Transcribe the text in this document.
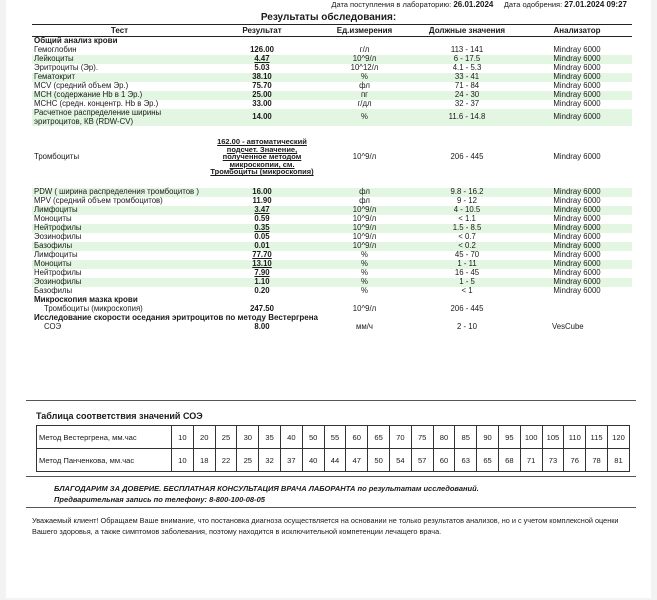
Дата поступления в лабораторию: 26.01.2024 Дата одобрения: 27.01.2024 09:27
Результаты обследования:
Тест	Результат	Ед.измерения	Должные значения	Анализатор
Общий анализ крови				
Гемоглобин	126.00	г/л	113 - 141	Mindray 6000
Лейкоциты	4.47	10^9/л	6 - 17.5	Mindray 6000
Эритроциты (Эр).	5.03	10^12/л	4.1 - 5.3	Mindray 6000
Гематокрит	38.10	%	33 - 41	Mindray 6000
MCV (средний объем Эр.)	75.70	фл	71 - 84	Mindray 6000
MCH (содержание Hb в 1 Эр.)	25.00	пг	24 - 30	Mindray 6000
MCHC (средн. концентр. Hb в Эр.)	33.00	г/дл	32 - 37	Mindray 6000
Расчетное распределение ширины эритроцитов, КВ (RDW-CV)	14.00	%	11.6 - 14.8	Mindray 6000
Тромбоциты	162.00 - автоматический подсчет. Значение, полученное методом микроскопии, см. Тромбоциты (микроскопия)	10^9/л	206 - 445	Mindray 6000
PDW ( ширина распределения тромбоцитов )	16.00	фл	9.8 - 16.2	Mindray 6000
MPV (средний объем тромбоцитов)	11.90	фл	9 - 12	Mindray 6000
Лимфоциты	3.47	10^9/л	4 - 10.5	Mindray 6000
Моноциты	0.59	10^9/л	< 1.1	Mindray 6000
Нейтрофилы	0.35	10^9/л	1.5 - 8.5	Mindray 6000
Эозинофилы	0.05	10^9/л	< 0.7	Mindray 6000
Базофилы	0.01	10^9/л	< 0.2	Mindray 6000
Лимфоциты	77.70	%	45 - 70	Mindray 6000
Моноциты	13.10	%	1 - 11	Mindray 6000
Нейтрофилы	7.90	%	16 - 45	Mindray 6000
Эозинофилы	1.10	%	1 - 5	Mindray 6000
Базофилы	0.20	%	< 1	Mindray 6000
Микроскопия мазка крови				
Тромбоциты (микроскопия)	247.50	10^9/л	206 - 445	
Исследование скорости оседания эритроцитов по методу Вестергрена				
СОЭ	8.00	мм/ч	2 - 10	VesCube
Таблица соответствия значений СОЭ
Метод Вестергрена, мм.час	10	20	25	30	35	40	50	55	60	65	70	75	80	85	90	95	100	105	110	115	120
Метод Панченкова, мм.час	10	18	22	25	32	37	40	44	47	50	54	57	60	63	65	68	71	73	76	78	81
БЛАГОДАРИМ ЗА ДОВЕРИЕ. БЕСПЛАТНАЯ КОНСУЛЬТАЦИЯ ВРАЧА ЛАБОРАНТА по результатам исследований.
Предварительная запись по телефону: 8-800-100-08-05
Уважаемый клиент! Обращаем Ваше внимание, что постановка диагноза осуществляется на основании не только результатов анализов, но и с учетом комплексной оценки Вашего здоровья, а также симптомов заболевания, поэтому находится в исключительной компетенции лечащего врача.
